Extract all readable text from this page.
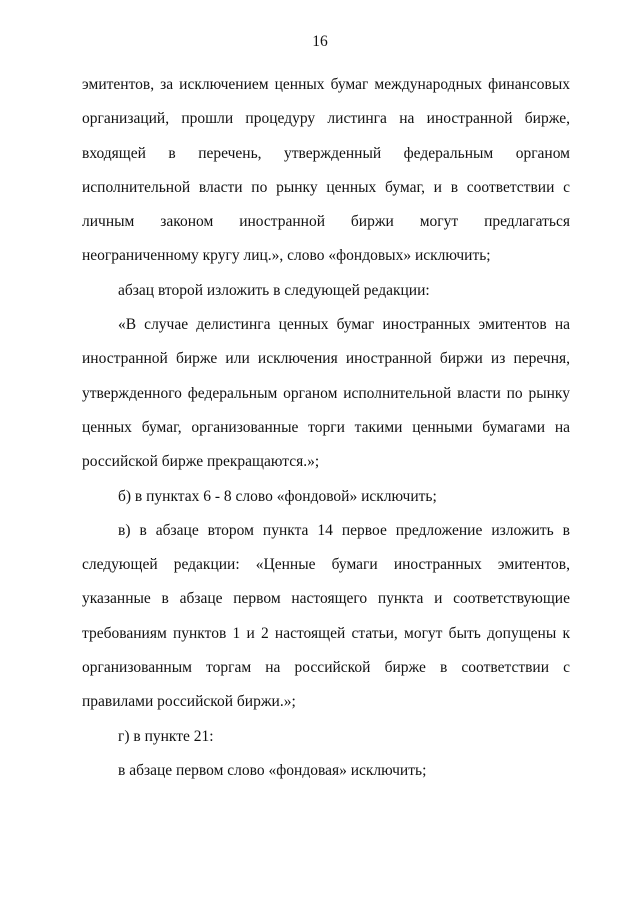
16

эмитентов, за исключением ценных бумаг международных финансовых организаций, прошли процедуру листинга на иностранной бирже, входящей в перечень, утвержденный федеральным органом исполнительной власти по рынку ценных бумаг, и в соответствии с личным законом иностранной биржи могут предлагаться неограниченному кругу лиц.», слово «фондовых» исключить;

абзац второй изложить в следующей редакции:

«В случае делистинга ценных бумаг иностранных эмитентов на иностранной бирже или исключения иностранной биржи из перечня, утвержденного федеральным органом исполнительной власти по рынку ценных бумаг, организованные торги такими ценными бумагами на российской бирже прекращаются.»;

б) в пунктах 6 - 8 слово «фондовой» исключить;

в) в абзаце втором пункта 14 первое предложение изложить в следующей редакции: «Ценные бумаги иностранных эмитентов, указанные в абзаце первом настоящего пункта и соответствующие требованиям пунктов 1 и 2 настоящей статьи, могут быть допущены к организованным торгам на российской бирже в соответствии с правилами российской биржи.»;

г) в пункте 21:

в абзаце первом слово «фондовая» исключить;
